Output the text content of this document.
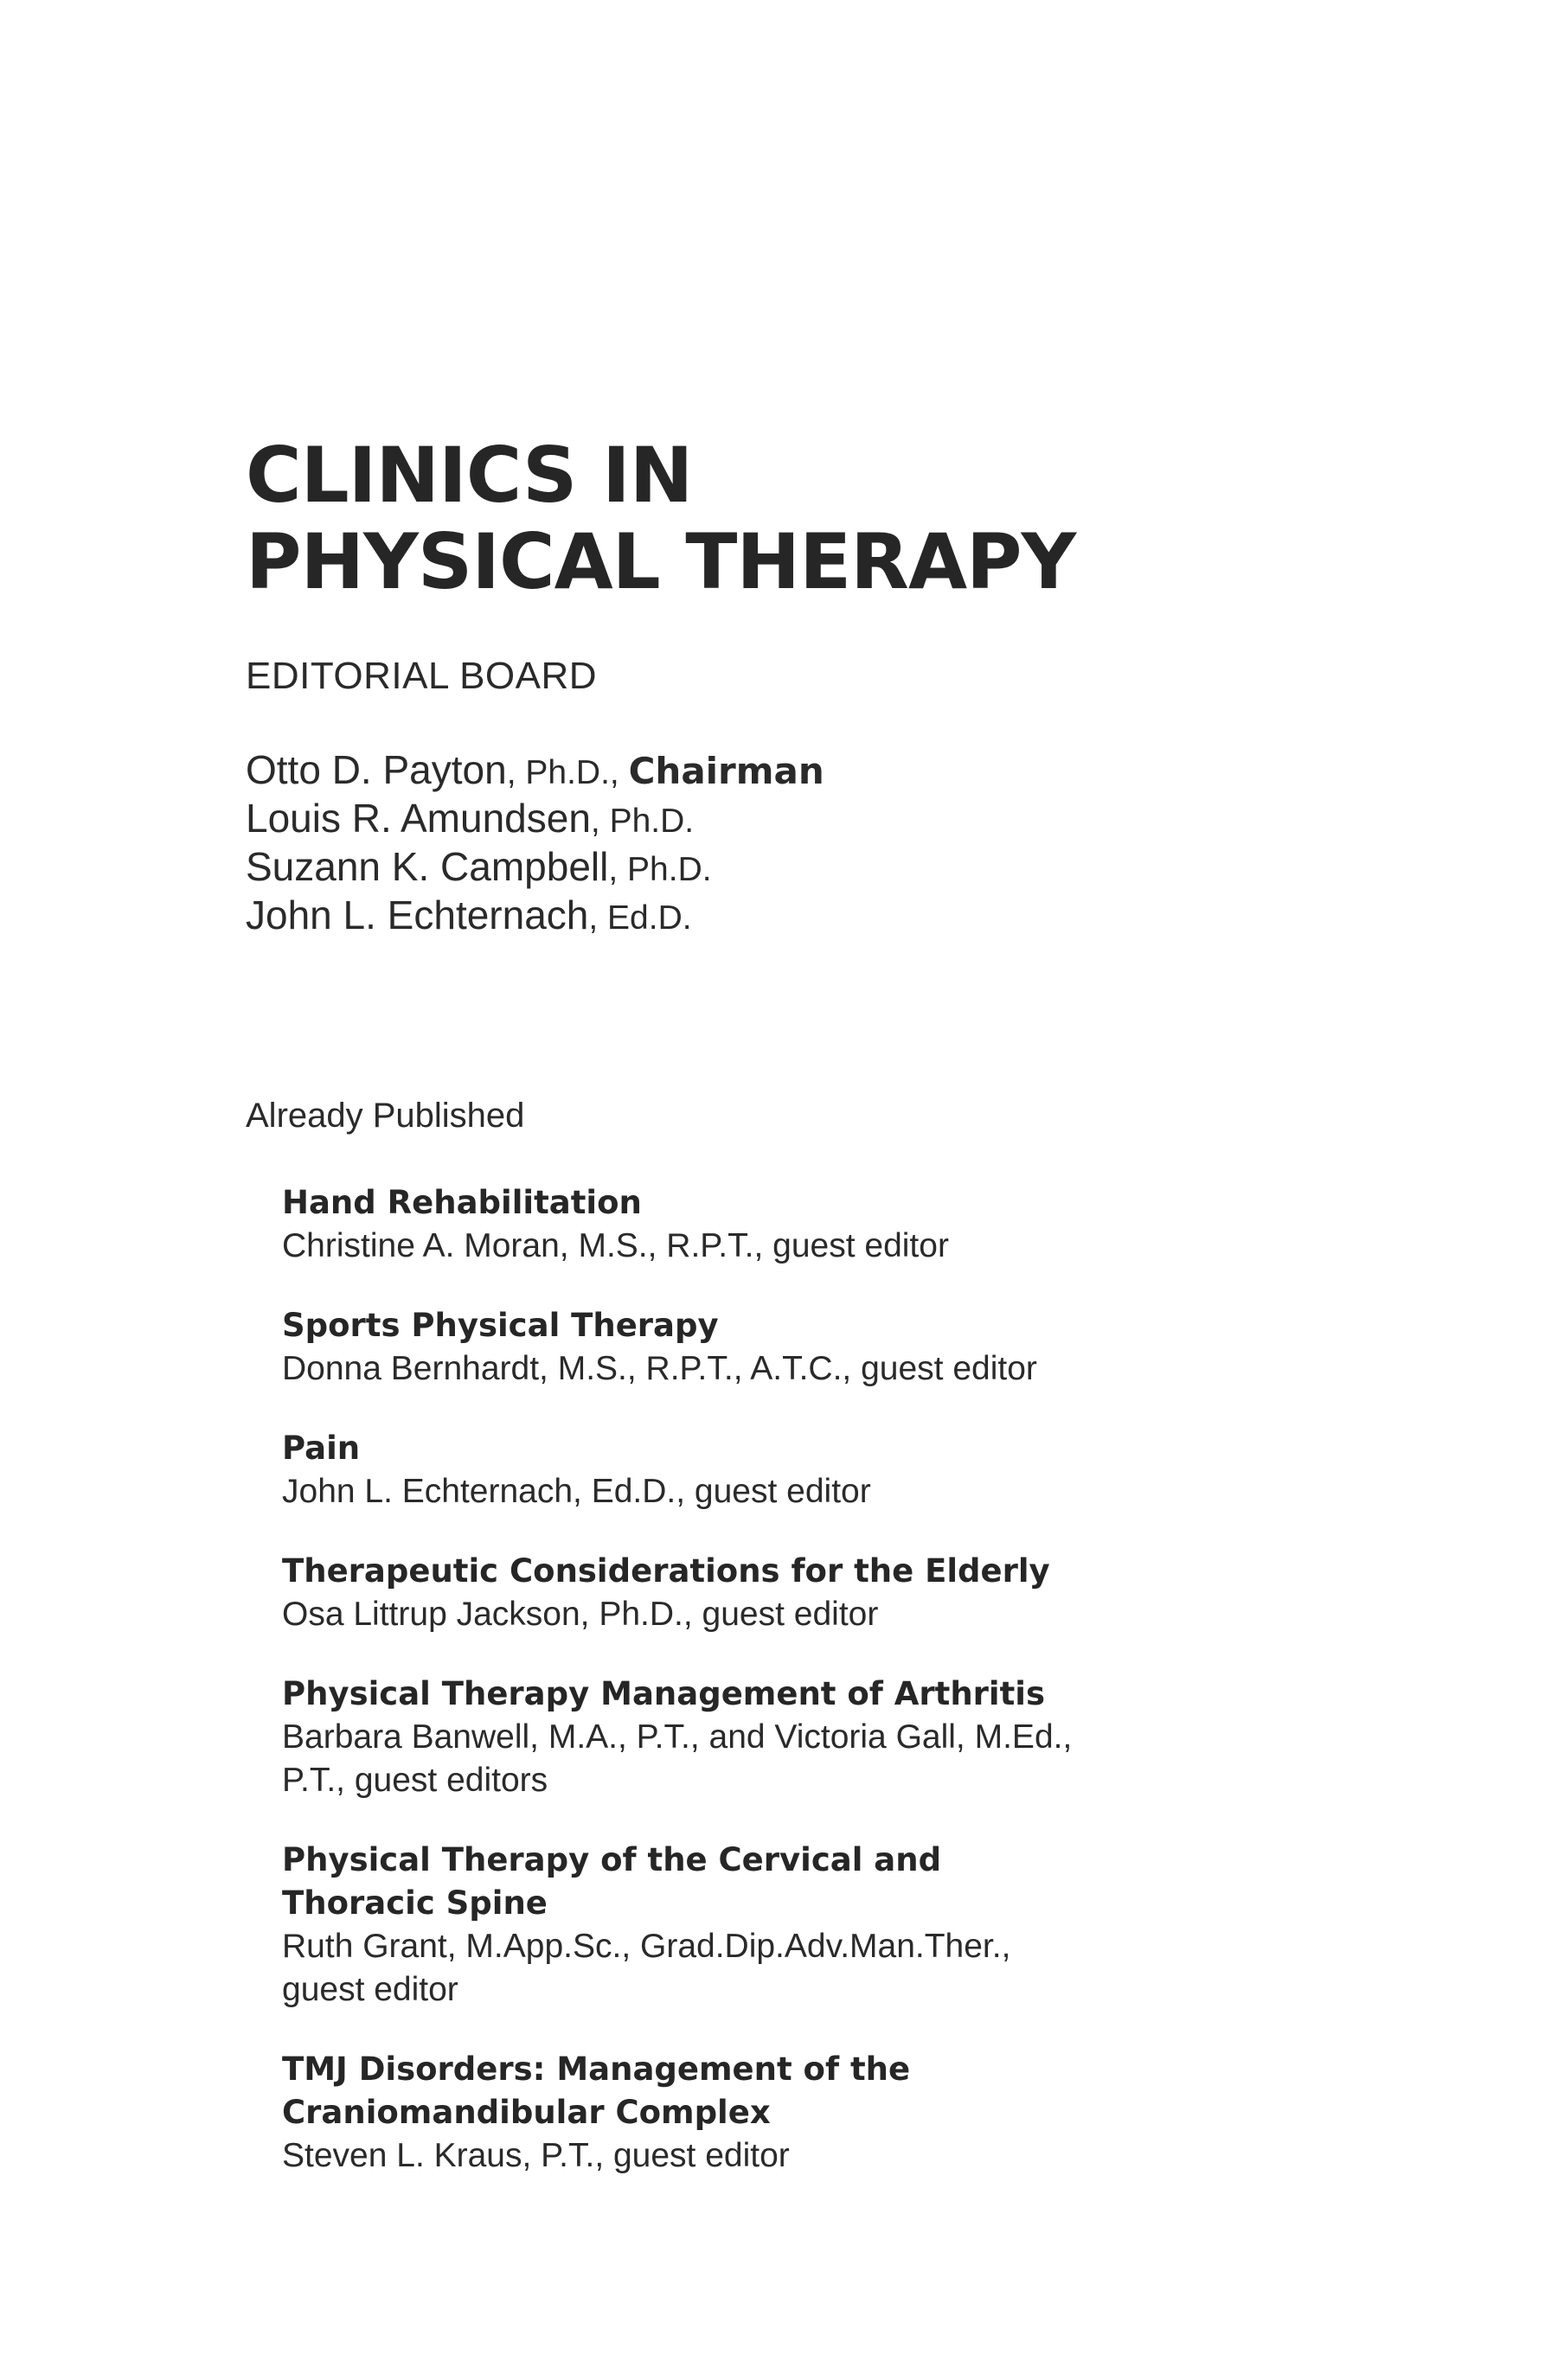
CLINICS IN
PHYSICAL THERAPY
EDITORIAL BOARD
Otto D. Payton, Ph.D., Chairman
Louis R. Amundsen, Ph.D.
Suzann K. Campbell, Ph.D.
John L. Echternach, Ed.D.
Already Published
Hand Rehabilitation
Christine A. Moran, M.S., R.P.T., guest editor
Sports Physical Therapy
Donna Bernhardt, M.S., R.P.T., A.T.C., guest editor
Pain
John L. Echternach, Ed.D., guest editor
Therapeutic Considerations for the Elderly
Osa Littrup Jackson, Ph.D., guest editor
Physical Therapy Management of Arthritis
Barbara Banwell, M.A., P.T., and Victoria Gall, M.Ed., P.T., guest editors
Physical Therapy of the Cervical and Thoracic Spine
Ruth Grant, M.App.Sc., Grad.Dip.Adv.Man.Ther., guest editor
TMJ Disorders: Management of the Craniomandibular Complex
Steven L. Kraus, P.T., guest editor
